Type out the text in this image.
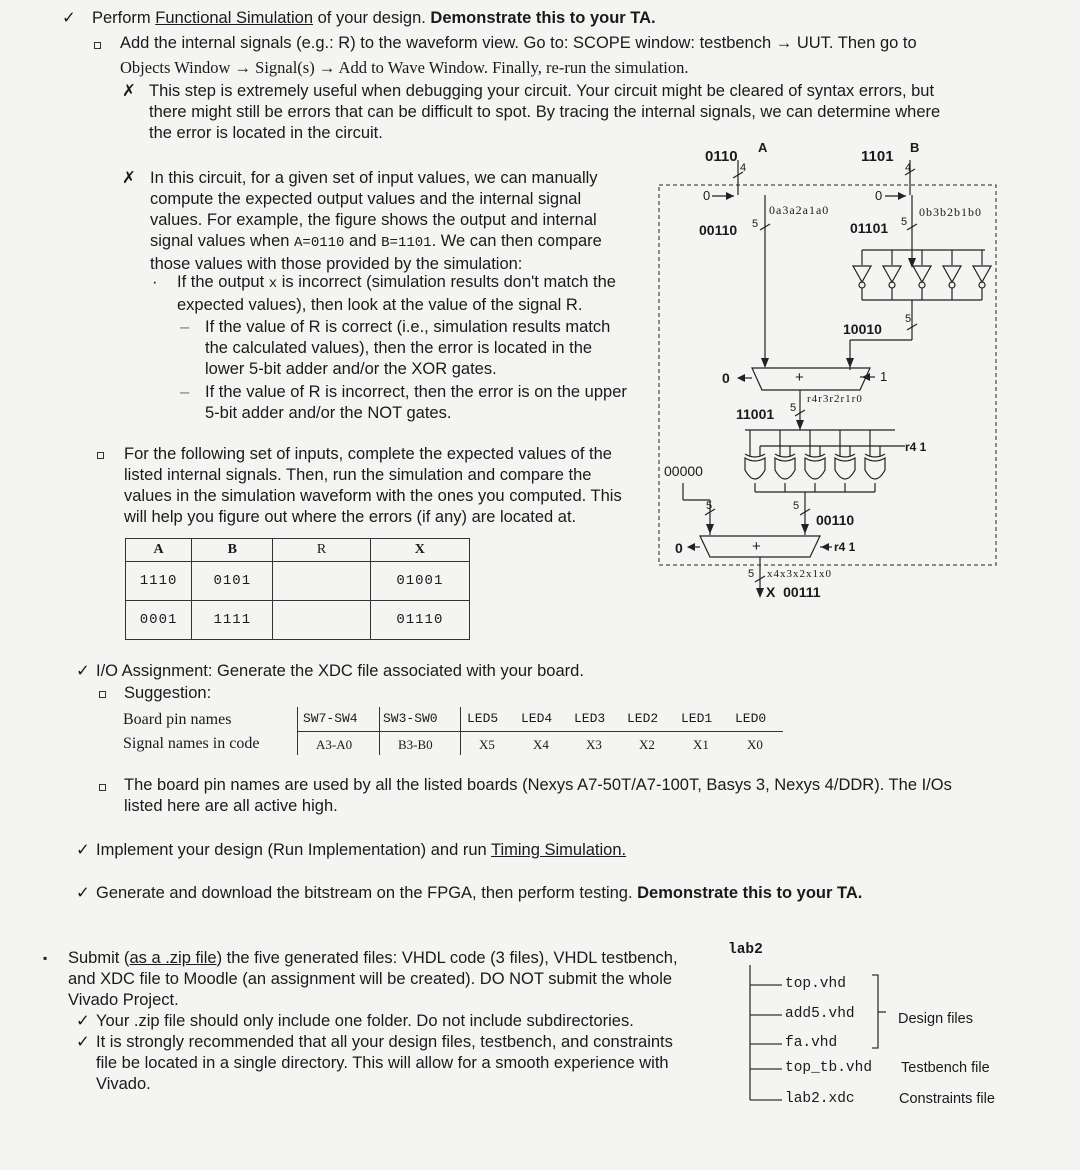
✓ Perform Functional Simulation of your design. Demonstrate this to your TA.
Add the internal signals (e.g.: R) to the waveform view. Go to: SCOPE window: testbench → UUT. Then go to
Objects Window → Signal(s) → Add to Wave Window. Finally, re-run the simulation.
✗ This step is extremely useful when debugging your circuit. Your circuit might be cleared of syntax errors, but
there might still be errors that can be difficult to spot. By tracing the internal signals, we can determine where
the error is located in the circuit.
✗ In this circuit, for a given set of input values, we can manually
compute the expected output values and the internal signal
values. For example, the figure shows the output and internal
signal values when A=0110 and B=1101. We can then compare
those values with those provided by the simulation:
· If the output x is incorrect (simulation results don't match the
expected values), then look at the value of the signal R.
– If the value of R is correct (i.e., simulation results match
the calculated values), then the error is located in the
lower 5-bit adder and/or the XOR gates.
– If the value of R is incorrect, then the error is on the upper
5-bit adder and/or the NOT gates.
For the following set of inputs, complete the expected values of the
listed internal signals. Then, run the simulation and compare the
values in the simulation waveform with the ones you computed. This
will help you figure out where the errors (if any) are located at.
A	B	R	X
1110	0101		01001
0001	1111		01110
0110
A
4
1101
B
4
0	0
00110 5
0a3a2a1a0
01101 5
0b3b2b1b0
10010
5
1
0	+
r4r3r2r1r0
11001 5
r4 1
00000
5	5
00110
+
0	r4 1
5 x4x3x2x1x0
X  00111
✓ I/O Assignment: Generate the XDC file associated with your board.
Suggestion:
Board pin names
Signal names in code
SW7-SW4 SW3-SW0 LED5 LED4 LED3 LED2 LED1 LED0
A3-A0	B3-B0	X5	X4	X3	X2	X1	X0
The board pin names are used by all the listed boards (Nexys A7-50T/A7-100T, Basys 3, Nexys 4/DDR). The I/Os
listed here are all active high.
✓ Implement your design (Run Implementation) and run Timing Simulation.
✓ Generate and download the bitstream on the FPGA, then perform testing. Demonstrate this to your TA.
▪ Submit (as a .zip file) the five generated files: VHDL code (3 files), VHDL testbench,
and XDC file to Moodle (an assignment will be created). DO NOT submit the whole
Vivado Project.
✓ Your .zip file should only include one folder. Do not include subdirectories.
✓ It is strongly recommended that all your design files, testbench, and constraints
file be located in a single directory. This will allow for a smooth experience with
Vivado.
lab2
top.vhd
add5.vhd
fa.vhd
top_tb.vhd
lab2.xdc
Design files
Testbench file
Constraints file
